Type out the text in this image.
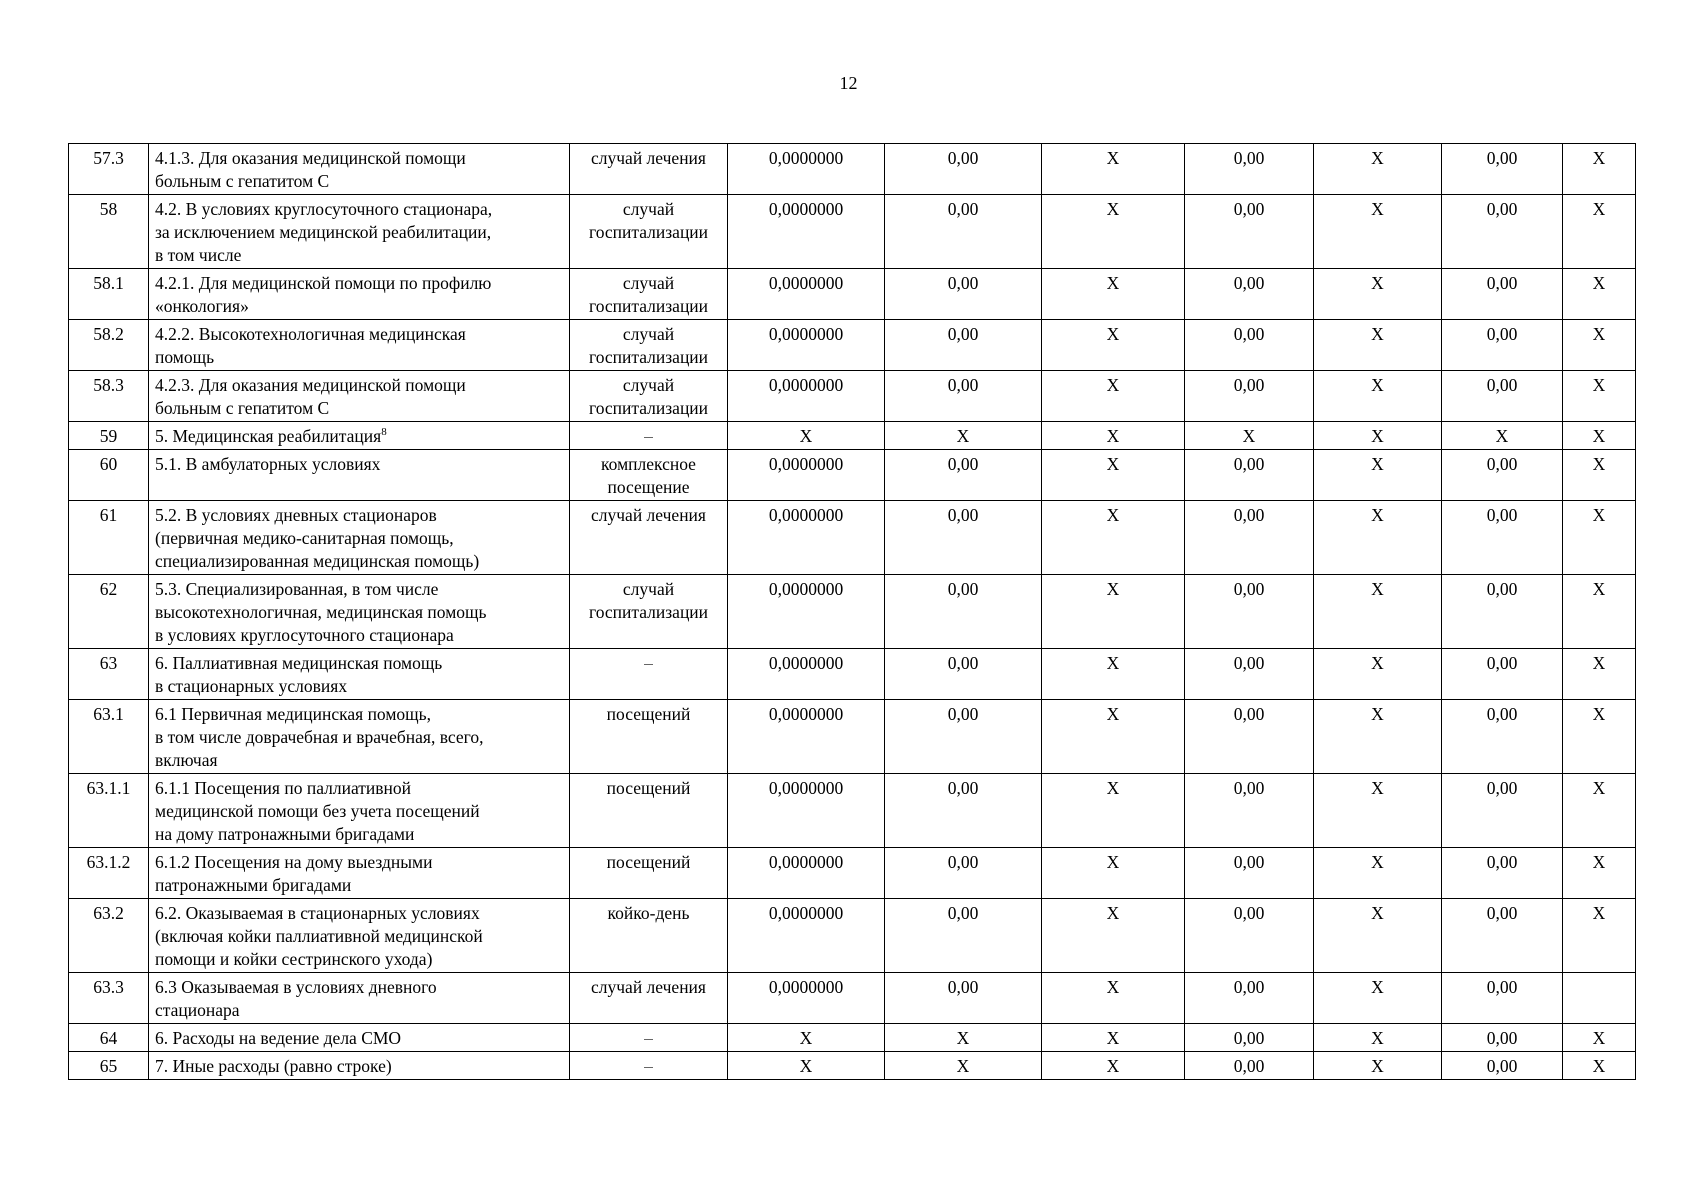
12
57.3	4.1.3. Для оказания медицинской помощи
больным с гепатитом С	случай лечения	0,0000000	0,00	Х	0,00	Х	0,00	Х
58	4.2. В условиях круглосуточного стационара,
за исключением медицинской реабилитации,
в том числе	случай
госпитализации	0,0000000	0,00	Х	0,00	Х	0,00	Х
58.1	4.2.1. Для медицинской помощи по профилю
«онкология»	случай
госпитализации	0,0000000	0,00	Х	0,00	Х	0,00	Х
58.2	4.2.2. Высокотехнологичная медицинская
помощь	случай
госпитализации	0,0000000	0,00	Х	0,00	Х	0,00	Х
58.3	4.2.3. Для оказания медицинской помощи
больным с гепатитом С	случай
госпитализации	0,0000000	0,00	Х	0,00	Х	0,00	Х
59	5. Медицинская реабилитация$^8$	–	Х	Х	Х	Х	Х	Х	Х
60	5.1. В амбулаторных условиях	комплексное
посещение	0,0000000	0,00	Х	0,00	Х	0,00	Х
61	5.2. В условиях дневных стационаров
(первичная медико-санитарная помощь,
специализированная медицинская помощь)	случай лечения	0,0000000	0,00	Х	0,00	Х	0,00	Х
62	5.3. Специализированная, в том числе
высокотехнологичная, медицинская помощь
в условиях круглосуточного стационара	случай
госпитализации	0,0000000	0,00	Х	0,00	Х	0,00	Х
63	6. Паллиативная медицинская помощь
в стационарных условиях	–	0,0000000	0,00	Х	0,00	Х	0,00	Х
63.1	6.1 Первичная медицинская помощь,
в том числе доврачебная и врачебная, всего,
включая	посещений	0,0000000	0,00	Х	0,00	Х	0,00	Х
63.1.1	6.1.1 Посещения по паллиативной
медицинской помощи без учета посещений
на дому патронажными бригадами	посещений	0,0000000	0,00	Х	0,00	Х	0,00	Х
63.1.2	6.1.2 Посещения на дому выездными
патронажными бригадами	посещений	0,0000000	0,00	Х	0,00	Х	0,00	Х
63.2	6.2. Оказываемая в стационарных условиях
(включая койки паллиативной медицинской
помощи и койки сестринского ухода)	койко-день	0,0000000	0,00	Х	0,00	Х	0,00	Х
63.3	6.3 Оказываемая в условиях дневного
стационара	случай лечения	0,0000000	0,00	Х	0,00	Х	0,00	
64	6. Расходы на ведение дела СМО	–	Х	Х	Х	0,00	Х	0,00	Х
65	7. Иные расходы (равно строке)	–	Х	Х	Х	0,00	Х	0,00	Х
